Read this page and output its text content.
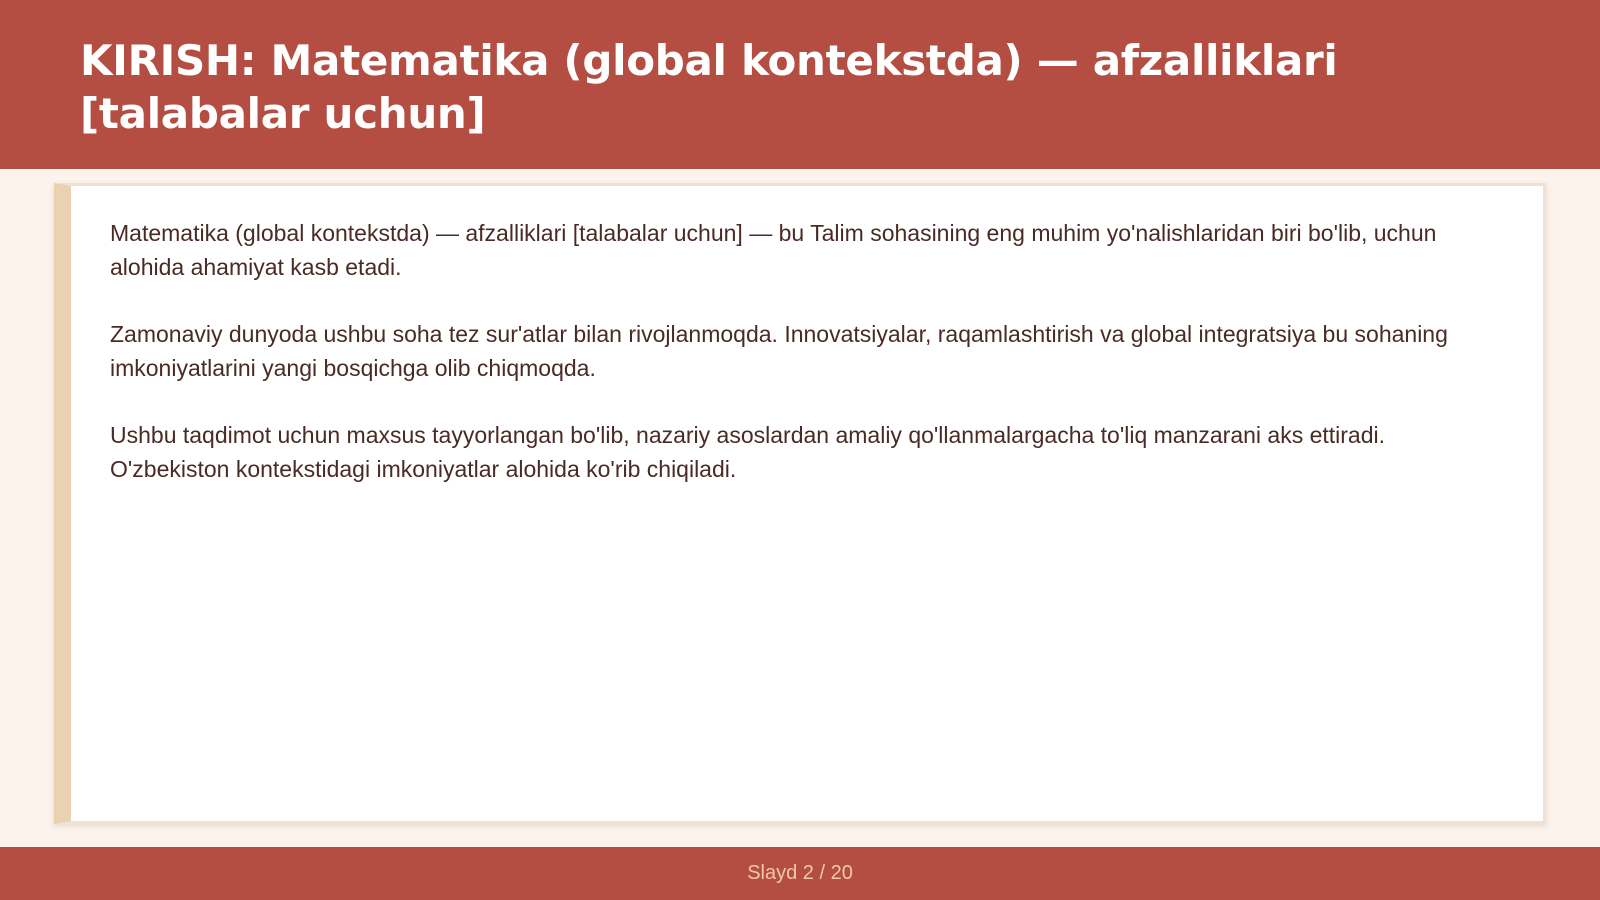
KIRISH: Matematika (global kontekstda) — afzalliklari [talabalar uchun]

Matematika (global kontekstda) — afzalliklari [talabalar uchun] — bu Talim sohasining eng muhim yo'nalishlaridan biri bo'lib, uchun alohida ahamiyat kasb etadi.

Zamonaviy dunyoda ushbu soha tez sur'atlar bilan rivojlanmoqda. Innovatsiyalar, raqamlashtirish va global integratsiya bu sohaning imkoniyatlarini yangi bosqichga olib chiqmoqda.

Ushbu taqdimot uchun maxsus tayyorlangan bo'lib, nazariy asoslardan amaliy qo'llanmalargacha to'liq manzarani aks ettiradi. O'zbekiston kontekstidagi imkoniyatlar alohida ko'rib chiqiladi.

Slayd 2 / 20
